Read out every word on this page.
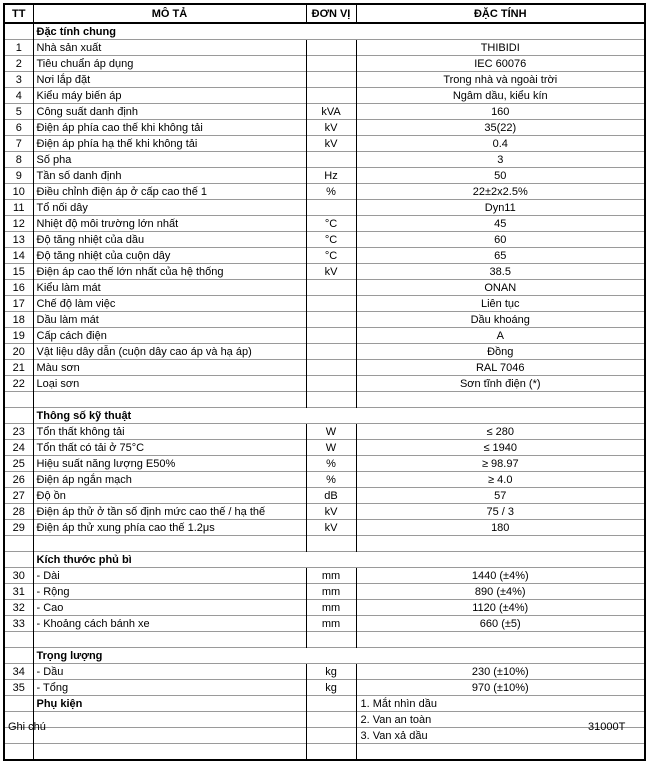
TT	MÔ TẢ	ĐƠN VỊ	ĐẶC TÍNH
	Đặc tính chung		
1	Nhà sản xuất		THIBIDI
2	Tiêu chuẩn áp dụng		IEC 60076
3	Nơi lắp đặt		Trong nhà và ngoài trời
4	Kiểu máy biến áp		Ngâm dầu, kiểu kín
5	Công suất danh định	kVA	160
6	Điện áp phía cao thế khi không tải	kV	35(22)
7	Điện áp phía hạ thế khi không tải	kV	0.4
8	Số pha		3
9	Tần số danh định	Hz	50
10	Điều chỉnh điện áp ở cấp cao thế 1	%	22±2x2.5%
11	Tổ nối dây		Dyn11
12	Nhiệt độ môi trường lớn nhất	°C	45
13	Độ tăng nhiệt của dầu	°C	60
14	Độ tăng nhiệt của cuộn dây	°C	65
15	Điện áp cao thế lớn nhất của hệ thống	kV	38.5
16	Kiểu làm mát		ONAN
17	Chế độ làm việc		Liên tục
18	Dầu làm mát		Dầu khoáng
19	Cấp cách điện		A
20	Vật liệu dây dẫn (cuộn dây cao áp và hạ áp)		Đồng
21	Màu sơn		RAL 7046
22	Loại sơn		Sơn tĩnh điện (*)

	Thông số kỹ thuật		
23	Tổn thất không tải	W	≤ 280
24	Tổn thất có tải ở 75°C	W	≤ 1940
25	Hiệu suất năng lượng E50%	%	≥ 98.97
26	Điện áp ngắn mạch	%	≥ 4.0
27	Độ ồn	dB	57
28	Điện áp thử ở tần số định mức cao thế / hạ thế	kV	75 / 3
29	Điện áp thử xung phía cao thế 1.2μs	kV	180

	Kích thước phủ bì		
30	- Dài	mm	1440 (±4%)
31	- Rộng	mm	890 (±4%)
32	- Cao	mm	1120 (±4%)
33	- Khoảng cách bánh xe	mm	660 (±5)

	Trọng lượng		
34	- Dầu	kg	230 (±10%)
35	- Tổng	kg	970 (±10%)
	Phụ kiện		1. Mắt nhìn dầu
			2. Van an toàn
			3. Van xả dầu

Ghi chú	31000T
